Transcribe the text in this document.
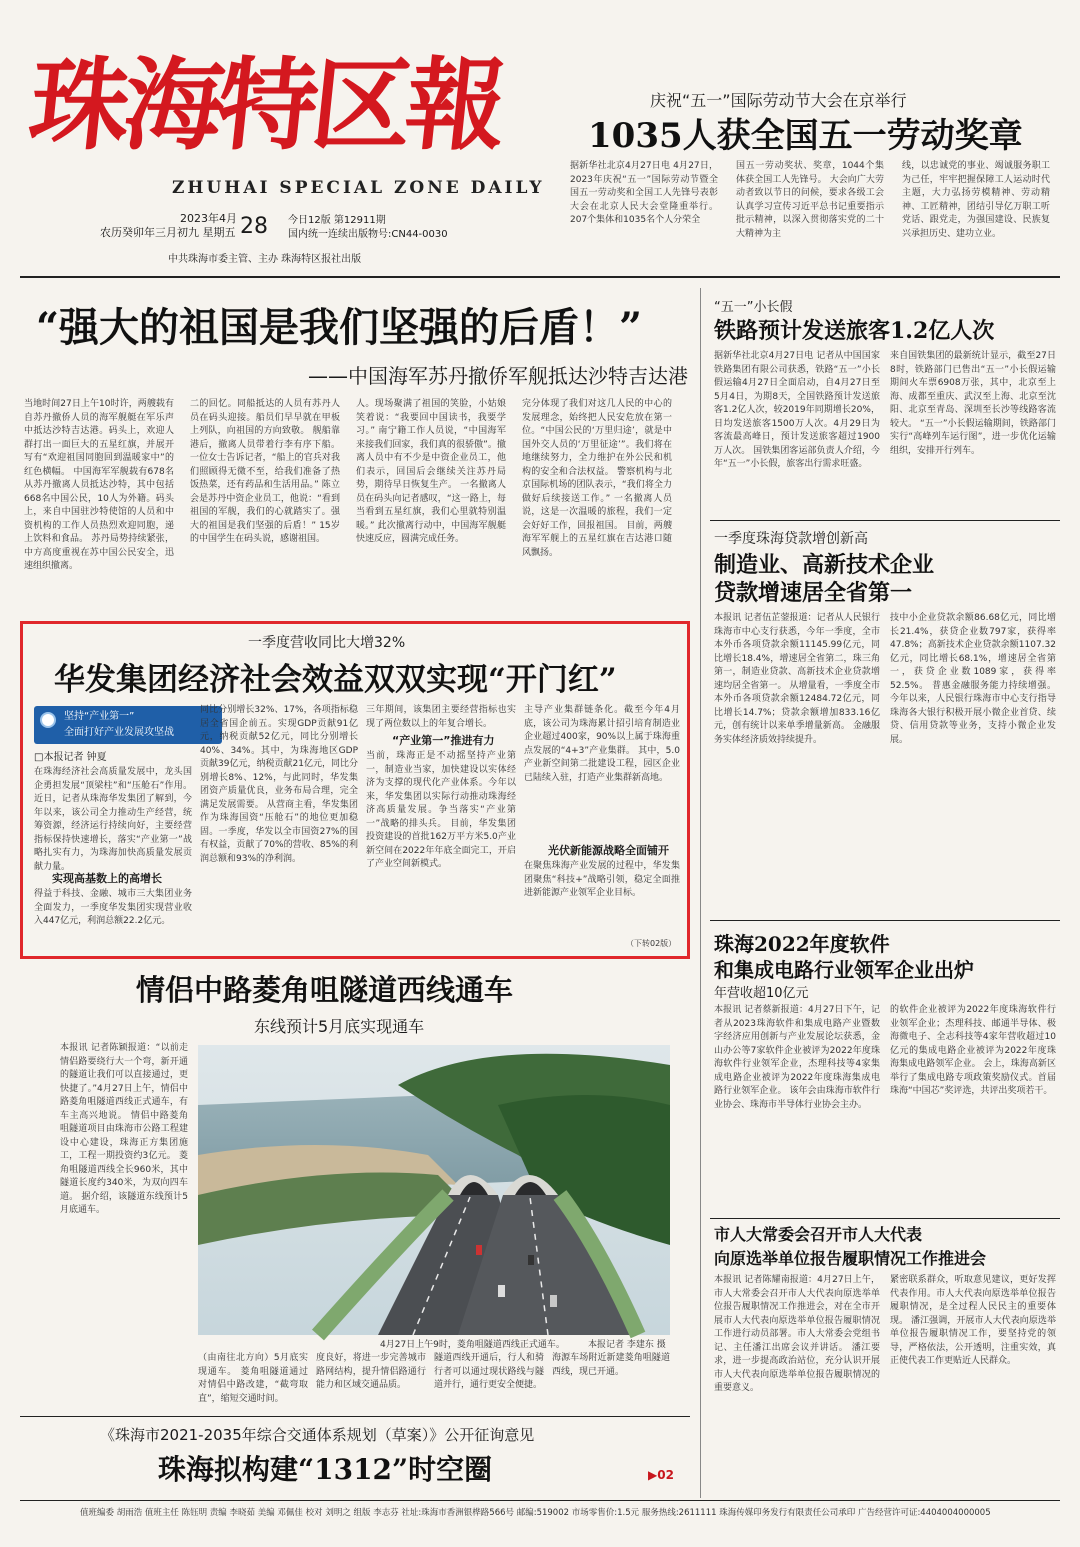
珠海特区報
ZHUHAI SPECIAL ZONE DAILY
2023年4月
农历癸卯年三月初九 星期五 28 今日12版 第12911期
国内统一连续出版物号:CN44-0030
中共珠海市委主管、主办 珠海特区报社出版
庆祝“五一”国际劳动节大会在京举行
1035人获全国五一劳动奖章
据新华社北京4月27日电 4月27日，2023年庆祝“五一”国际劳动节暨全国五一劳动奖和全国工人先锋号表彰大会在北京人民大会堂隆重举行。 207个集体和1035名个人分荣全
国五一劳动奖状、奖章，1044个集体获全国工人先锋号。 大会向广大劳动者致以节日的问候，要求各级工会认真学习宣传习近平总书记重要指示批示精神，以深入贯彻落实党的二十大精神为主
线，以忠诚党的事业、竭诚服务职工为己任，牢牢把握保障工人运动时代主题，大力弘扬劳模精神、劳动精神、工匠精神，团结引导亿万职工听党话、跟党走，为强国建设、民族复兴承担历史、建功立业。
“强大的祖国是我们坚强的后盾！”
——中国海军苏丹撤侨军舰抵达沙特吉达港
当地时间27日上午10时许，两艘载有自苏丹撤侨人员的海军舰艇在军乐声中抵达沙特吉达港。码头上，欢迎人群打出一面巨大的五星红旗，并展开写有“欢迎祖国同胞回到温暖家中”的红色横幅。 中国海军军舰载有678名从苏丹撤离人员抵达沙特，其中包括668名中国公民，10人为外籍。码头上，来自中国驻沙特使馆的人员和中资机构的工作人员热烈欢迎同胞，递上饮料和食品。 苏丹局势持续紧张，中方高度重视在苏中国公民安全，迅速组织撤离。
二的回忆。同船抵达的人员有苏丹人员在码头迎接。船员们早早就在甲板上列队，向祖国的方向致敬。 舰船靠港后，撤离人员带着行李有序下船。一位女士告诉记者，“船上的官兵对我们照顾得无微不至，给我们准备了热饭热菜，还有药品和生活用品。” 陈立会是苏丹中资企业员工，他说：“看到祖国的军舰，我们的心就踏实了。强大的祖国是我们坚强的后盾！” 15岁的中国学生在码头说，感谢祖国。
人。现场聚满了祖国的笑脸，小姑娘笑着说：“我要回中国读书，我要学习。” 南宁籍工作人员说，“中国海军来接我们回家，我们真的很骄傲”。撤离人员中有不少是中资企业员工，他们表示，回国后会继续关注苏丹局势，期待早日恢复生产。 一名撤离人员在码头向记者感叹，“这一路上，每当看到五星红旗，我们心里就特别温暖。” 此次撤离行动中，中国海军舰艇快速反应，圆满完成任务。
完分体现了我们对这几人民的中心的发展理念，始终把人民安危放在第一位。“中国公民的‘万里归途’，就是中国外交人员的‘万里征途’”。我们将在地继续努力，全力维护在外公民和机构的安全和合法权益。 警察机构与北京国际机场的团队表示，“我们将全力做好后续接送工作。” 一名撤离人员说，这是一次温暖的旅程，我们一定会好好工作，回报祖国。 目前，两艘海军军舰上的五星红旗在吉达港口随风飘扬。
一季度营收同比大增32%
华发集团经济社会效益双双实现“开门红”
坚持“产业第一”
全面打好产业发展攻坚战
□本报记者 钟夏
在珠海经济社会高质量发展中，龙头国企勇担发展“顶梁柱”和“压舱石”作用。近日，记者从珠海华发集团了解到，今年以来，该公司全力推动生产经营，统筹资源，经济运行持续向好，主要经营指标保持快速增长，落实“产业第一”战略扎实有力，为珠海加快高质量发展贡献力量。
实现高基数上的高增长
得益于科技、金融、城市三大集团业务全面发力，一季度华发集团实现营业收入447亿元，利润总额22.2亿元。
同比分别增长32%、17%，各项指标稳居全省国企前五。实现GDP贡献91亿元，纳税贡献52亿元，同比分别增长40%、34%。其中，为珠海地区GDP贡献39亿元，纳税贡献21亿元，同比分别增长8%、12%，与此同时，华发集团资产质量优良，业务布局合理，完全满足发展需要。 从营商主看，华发集团作为珠海国资“压舱石”的地位更加稳固。一季度，华发以全市国资27%的国有权益，贡献了70%的营收、85%的利润总额和93%的净利润。
三年期间，该集团主要经营指标也实现了两位数以上的年复合增长。
“产业第一”推进有力
当前，珠海正是不动摇坚持产业第一，制造业当家，加快建设以实体经济为支撑的现代化产业体系。今年以来，华发集团以实际行动推动珠海经济高质量发展。争当落实“产业第一”战略的排头兵。 目前，华发集团投资建设的首批162万平方米5.0产业新空间在2022年年底全面完工，开启了产业空间新模式。
主导产业集群链条化。截至今年4月底，该公司为珠海累计招引培育制造业企业超过400家，90%以上属于珠海重点发展的“4+3”产业集群。 其中，5.0产业新空间第二批建设工程，园区企业已陆续入驻，打造产业集群新高地。
光伏新能源战略全面铺开
在聚焦珠海产业发展的过程中，华发集团聚焦“科技+”战略引领，稳定全面推进新能源产业领军企业目标。
（下转02版）
情侣中路菱角咀隧道西线通车
东线预计5月底实现通车
本报讯 记者陈颖报道：“以前走情侣路要绕行大一个弯，新开通的隧道让我们可以直接通过，更快捷了。”4月27日上午，情侣中路菱角咀隧道西线正式通车，有车主高兴地说。 情侣中路菱角咀隧道项目由珠海市公路工程建设中心建设，珠海正方集团施工，工程一期投资约3亿元。 菱角咀隧道西线全长960米，其中隧道长度约340米，为双向四车道。 据介绍，该隧道东线预计5月底通车。
4月27日上午9时，菱角咀隧道西线正式通车。	本报记者 李建东 摄
（由南往北方向）5月底实现通车。 菱角咀隧道通过对情侣中路改建，“截弯取直”，缩短交通时间。
度良好，将进一步完善城市路网结构，提升情侣路通行能力和区域交通品质。
隧道西线开通后，行人和骑行者可以通过现状路线与隧道并行，通行更安全便捷。
海源车场附近新建菱角咀隧道西线，现已开通。
《珠海市2021-2035年综合交通体系规划（草案）》公开征询意见
珠海拟构建“1312”时空圈	▶02
“五一”小长假
铁路预计发送旅客1.2亿人次
据新华社北京4月27日电 记者从中国国家铁路集团有限公司获悉，铁路“五一”小长假运输4月27日全面启动，自4月27日至5月4日，为期8天，全国铁路预计发送旅客1.2亿人次，较2019年同期增长20%，日均发送旅客1500万人次。4月29日为客流最高峰日，预计发送旅客超过1900万人次。 国铁集团客运部负责人介绍，今年“五一”小长假，旅客出行需求旺盛。
来自国铁集团的最新统计显示，截至27日8时，铁路部门已售出“五一”小长假运输期间火车票6908万张，其中，北京至上海、成都至重庆、武汉至上海、北京至沈阳、北京至青岛、深圳至长沙等线路客流较大。 “五一”小长假运输期间，铁路部门实行“高峰列车运行图”，进一步优化运输组织，安排开行列车。
一季度珠海贷款增创新高
制造业、高新技术企业
贷款增速居全省第一
本报讯 记者伍芷蓥报道：记者从人民银行珠海市中心支行获悉，今年一季度，全市本外币各项贷款余额11145.99亿元，同比增长18.4%，增速居全省第二，珠三角第一，制造业贷款、高新技术企业贷款增速均居全省第一。 从增量看，一季度全市本外币各项贷款余额12484.72亿元，同比增长14.7%；贷款余额增加833.16亿元，创有统计以来单季增量新高。 金融服务实体经济质效持续提升。
技中小企业贷款余额86.68亿元，同比增长21.4%，获贷企业数797家，获得率47.8%；高新技术企业贷款余额1107.32亿元，同比增长68.1%，增速居全省第一，获贷企业数1089家，获得率52.5%。 普惠金融服务能力持续增强。今年以来，人民银行珠海市中心支行指导珠海各大银行积极开展小微企业首贷、续贷、信用贷款等业务，支持小微企业发展。
珠海2022年度软件
和集成电路行业领军企业出炉
年营收超10亿元
本报讯 记者蔡新报道：4月27日下午，记者从2023珠海软件和集成电路产业暨数字经济应用创新与产业发展论坛获悉，金山办公等7家软件企业被评为2022年度珠海软件行业领军企业，杰理科技等4家集成电路企业被评为2022年度珠海集成电路行业领军企业。 该年会由珠海市软件行业协会、珠海市半导体行业协会主办。
的软件企业被评为2022年度珠海软件行业领军企业；杰理科技、邮通半导体、极海微电子、全志科技等4家年营收超过10亿元的集成电路企业被评为2022年度珠海集成电路领军企业。 会上，珠海高新区举行了集成电路专项政策奖励仪式。首届珠海“中国芯”奖评选，共评出奖项若干。
市人大常委会召开市人大代表
向原选举单位报告履职情况工作推进会
本报讯 记者陈耀南报道：4月27日上午，市人大常委会召开市人大代表向原选举单位报告履职情况工作推进会，对在全市开展市人大代表向原选举单位报告履职情况工作进行动员部署。市人大常委会党组书记、主任潘江出席会议并讲话。 潘江要求，进一步提高政治站位，充分认识开展市人大代表向原选举单位报告履职情况的重要意义。
紧密联系群众，听取意见建议，更好发挥代表作用。市人大代表向原选举单位报告履职情况，是全过程人民民主的重要体现。 潘江强调，开展市人大代表向原选举单位报告履职情况工作，要坚持党的领导，严格依法，公开透明，注重实效，真正使代表工作更贴近人民群众。
值班编委 胡雨浩 值班主任 陈钰明 责编 李晓茹 美编 邓佩佳 校对 刘明之 组版 李志芬 社址:珠海市香洲银桦路566号 邮编:519002 市场零售价:1.5元 服务热线:2611111 珠海传媒印务发行有限责任公司承印 广告经营许可证:4404004000005
